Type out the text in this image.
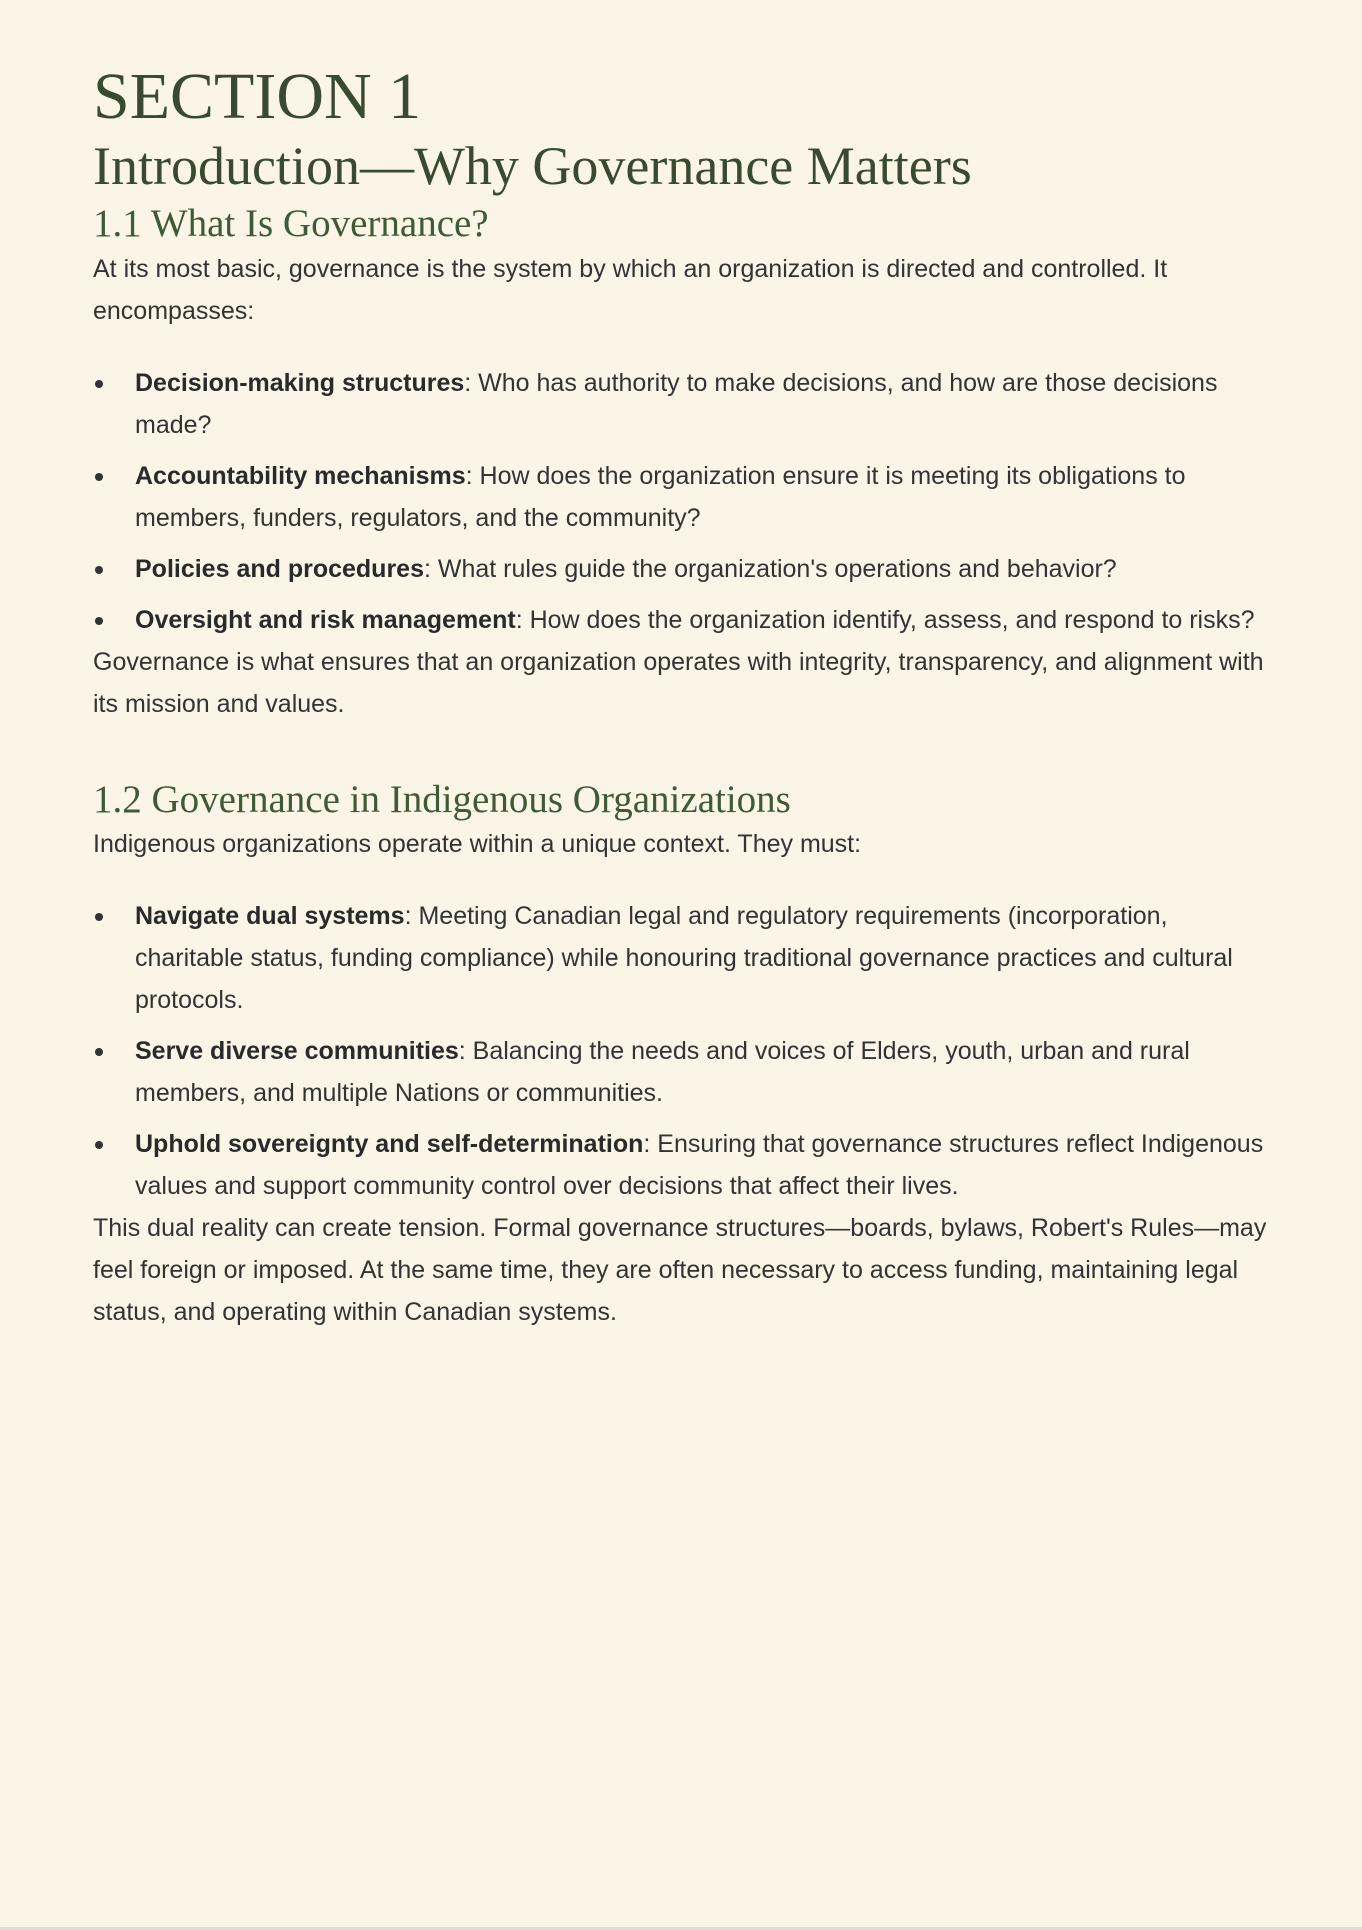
SECTION 1
Introduction—Why Governance Matters
1.1 What Is Governance?

At its most basic, governance is the system by which an organization is directed and controlled. It encompasses:

Decision-making structures: Who has authority to make decisions, and how are those decisions made?
Accountability mechanisms: How does the organization ensure it is meeting its obligations to members, funders, regulators, and the community?
Policies and procedures: What rules guide the organization's operations and behavior?
Oversight and risk management: How does the organization identify, assess, and respond to risks?

Governance is what ensures that an organization operates with integrity, transparency, and alignment with its mission and values.

1.2 Governance in Indigenous Organizations

Indigenous organizations operate within a unique context. They must:

Navigate dual systems: Meeting Canadian legal and regulatory requirements (incorporation, charitable status, funding compliance) while honouring traditional governance practices and cultural protocols.
Serve diverse communities: Balancing the needs and voices of Elders, youth, urban and rural members, and multiple Nations or communities.
Uphold sovereignty and self-determination: Ensuring that governance structures reflect Indigenous values and support community control over decisions that affect their lives.

This dual reality can create tension. Formal governance structures—boards, bylaws, Robert's Rules—may feel foreign or imposed. At the same time, they are often necessary to access funding, maintaining legal status, and operating within Canadian systems.
